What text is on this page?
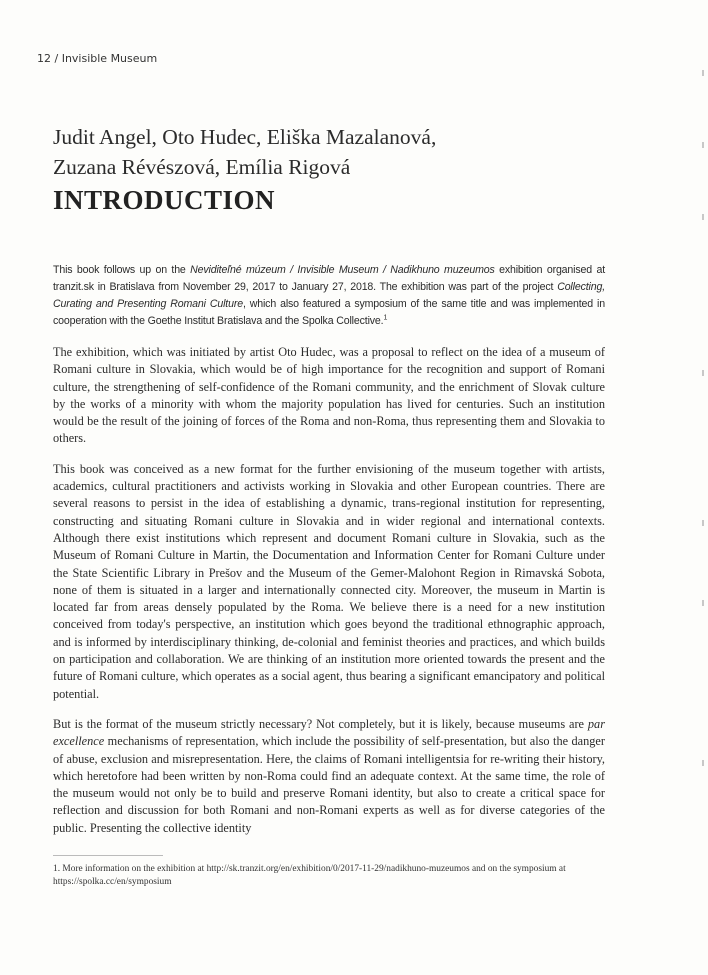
12 / Invisible Museum
Judit Angel, Oto Hudec, Eliška Mazalanová,
Zuzana Révészová, Emília Rigová
INTRODUCTION

This book follows up on the Neviditeľné múzeum / Invisible Museum / Nadikhuno muzeumos exhibition organised at tranzit.sk in Bratislava from November 29, 2017 to January 27, 2018. The exhibition was part of the project Collecting, Curating and Presenting Romani Culture, which also featured a symposium of the same title and was implemented in cooperation with the Goethe Institut Bratislava and the Spolka Collective.$^1$

The exhibition, which was initiated by artist Oto Hudec, was a proposal to reflect on the idea of a museum of Romani culture in Slovakia, which would be of high importance for the recognition and support of Romani culture, the strengthening of self-confidence of the Romani community, and the enrichment of Slovak culture by the works of a minority with whom the majority population has lived for centuries. Such an institution would be the result of the joining of forces of the Roma and non-Roma, thus representing them and Slovakia to others.

This book was conceived as a new format for the further envisioning of the museum together with artists, academics, cultural practitioners and activists working in Slovakia and other European countries. There are several reasons to persist in the idea of establishing a dynamic, trans-regional institution for representing, constructing and situating Romani culture in Slovakia and in wider regional and international contexts. Although there exist institutions which represent and document Romani culture in Slovakia, such as the Museum of Romani Culture in Martin, the Documentation and Information Center for Romani Culture under the State Scientific Library in Prešov and the Museum of the Gemer-Malohont Region in Rimavská Sobota, none of them is situated in a larger and internationally connected city. Moreover, the museum in Martin is located far from areas densely populated by the Roma. We believe there is a need for a new institution conceived from today's perspective, an institution which goes beyond the traditional ethnographic approach, and is informed by interdisciplinary thinking, de-colonial and feminist theories and practices, and which builds on participation and collaboration. We are thinking of an institution more oriented towards the present and the future of Romani culture, which operates as a social agent, thus bearing a significant emancipatory and political potential.

But is the format of the museum strictly necessary? Not completely, but it is likely, because museums are par excellence mechanisms of representation, which include the possibility of self-presentation, but also the danger of abuse, exclusion and misrepresentation. Here, the claims of Romani intelligentsia for re-writing their history, which heretofore had been written by non-Roma could find an adequate context. At the same time, the role of the museum would not only be to build and preserve Romani identity, but also to create a critical space for reflection and discussion for both Romani and non-Romani experts as well as for diverse categories of the public. Presenting the collective identity

1. More information on the exhibition at http://sk.tranzit.org/en/exhibition/0/2017-11-29/nadikhuno-muzeumos and on the symposium at https://spolka.cc/en/symposium
